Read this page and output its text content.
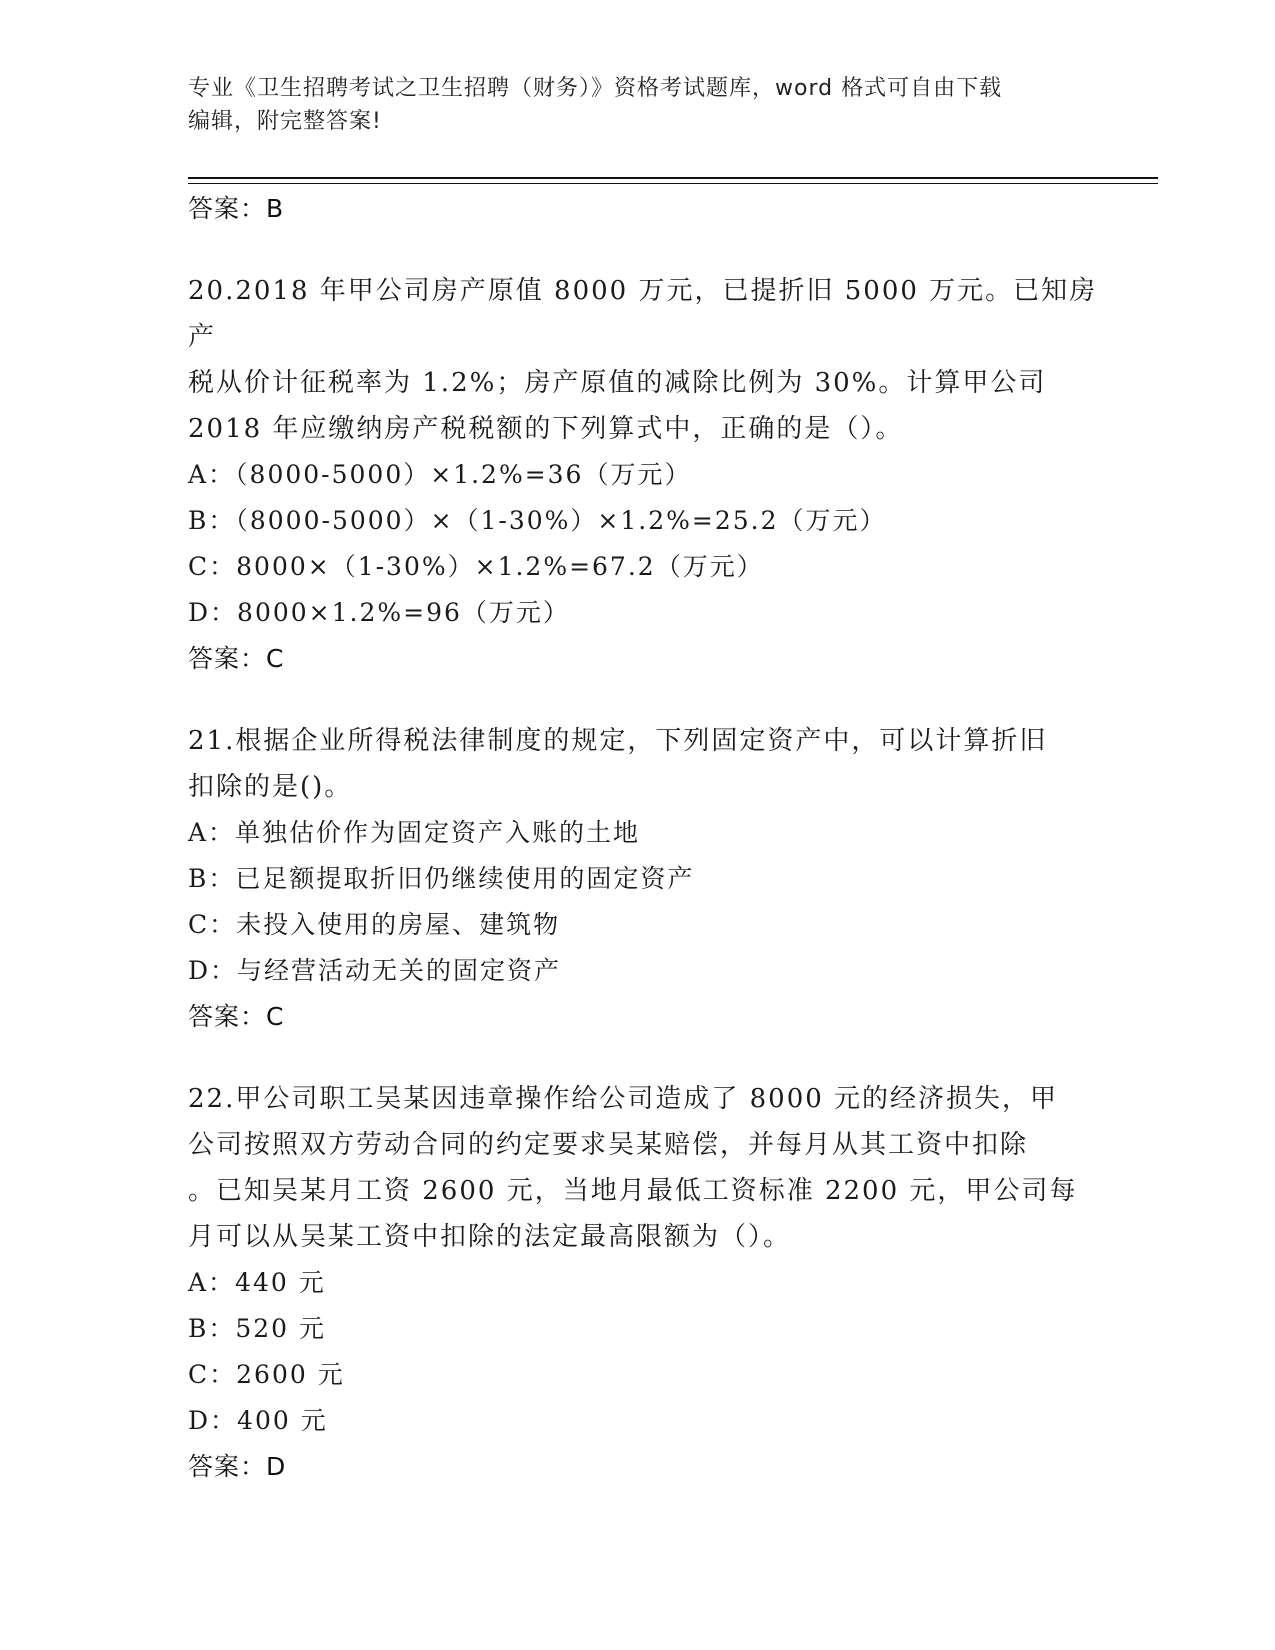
专业《卫生招聘考试之卫生招聘（财务）》资格考试题库，word 格式可自由下载
编辑，附完整答案!
答案：B
20.2018 年甲公司房产原值 8000 万元，已提折旧 5000 万元。已知房产
税从价计征税率为 1.2%；房产原值的减除比例为 30%。计算甲公司
2018 年应缴纳房产税税额的下列算式中，正确的是（）。
A：（8000-5000）×1.2%=36（万元）
B：（8000-5000）×（1-30%）×1.2%=25.2（万元）
C：8000×（1-30%）×1.2%=67.2（万元）
D：8000×1.2%=96（万元）
答案：C
21.根据企业所得税法律制度的规定，下列固定资产中，可以计算折旧
扣除的是()。
A：单独估价作为固定资产入账的土地
B：已足额提取折旧仍继续使用的固定资产
C：未投入使用的房屋、建筑物
D：与经营活动无关的固定资产
答案：C
22.甲公司职工吴某因违章操作给公司造成了 8000 元的经济损失，甲
公司按照双方劳动合同的约定要求吴某赔偿，并每月从其工资中扣除
。已知吴某月工资 2600 元，当地月最低工资标准 2200 元，甲公司每
月可以从吴某工资中扣除的法定最高限额为（）。
A：440 元
B：520 元
C：2600 元
D：400 元
答案：D
